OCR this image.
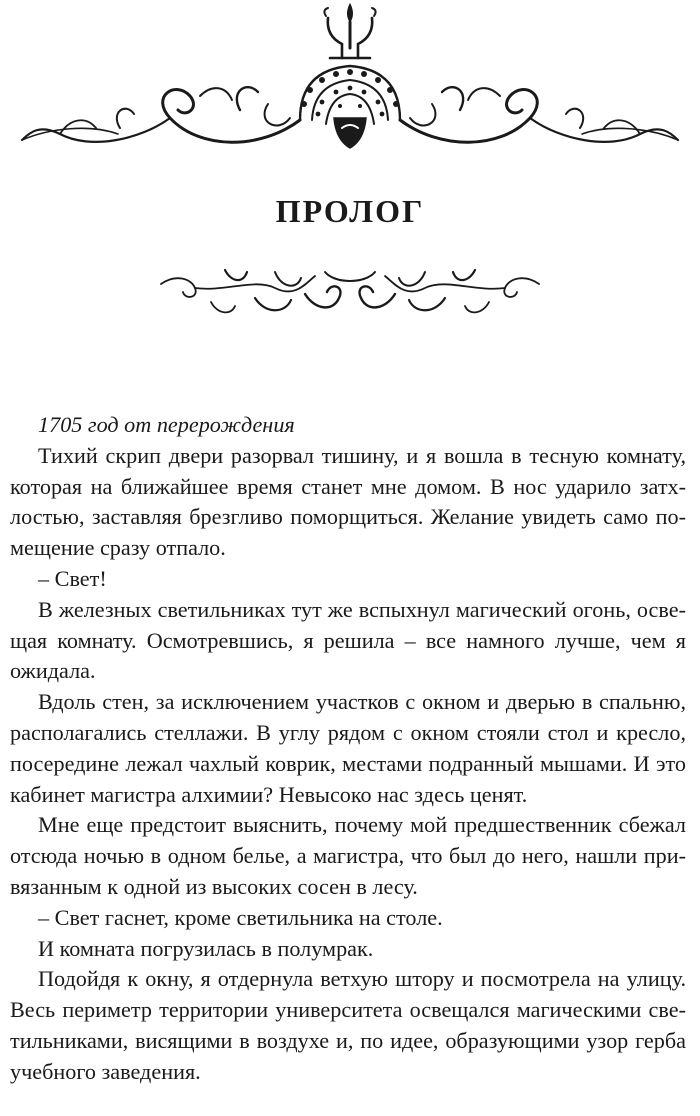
ПРОЛОГ

1705 год от перерождения

Тихий скрип двери разорвал тишину, и я вошла в тесную комнату, которая на ближайшее время станет мне домом. В нос ударило затхлостью, заставляя брезгливо поморщиться. Желание увидеть само помещение сразу отпало.

– Свет!

В железных светильниках тут же вспыхнул магический огонь, освещая комнату. Осмотревшись, я решила – все намного лучше, чем я ожидала.

Вдоль стен, за исключением участков с окном и дверью в спальню, располагались стеллажи. В углу рядом с окном стояли стол и кресло, посередине лежал чахлый коврик, местами подранный мышами. И это кабинет магистра алхимии? Невысоко нас здесь ценят.

Мне еще предстоит выяснить, почему мой предшественник сбежал отсюда ночью в одном белье, а магистра, что был до него, нашли привязанным к одной из высоких сосен в лесу.

– Свет гаснет, кроме светильника на столе.

И комната погрузилась в полумрак.

Подойдя к окну, я отдернула ветхую штору и посмотрела на улицу. Весь периметр территории университета освещался магическими светильниками, висящими в воздухе и, по идее, образующими узор герба учебного заведения.
